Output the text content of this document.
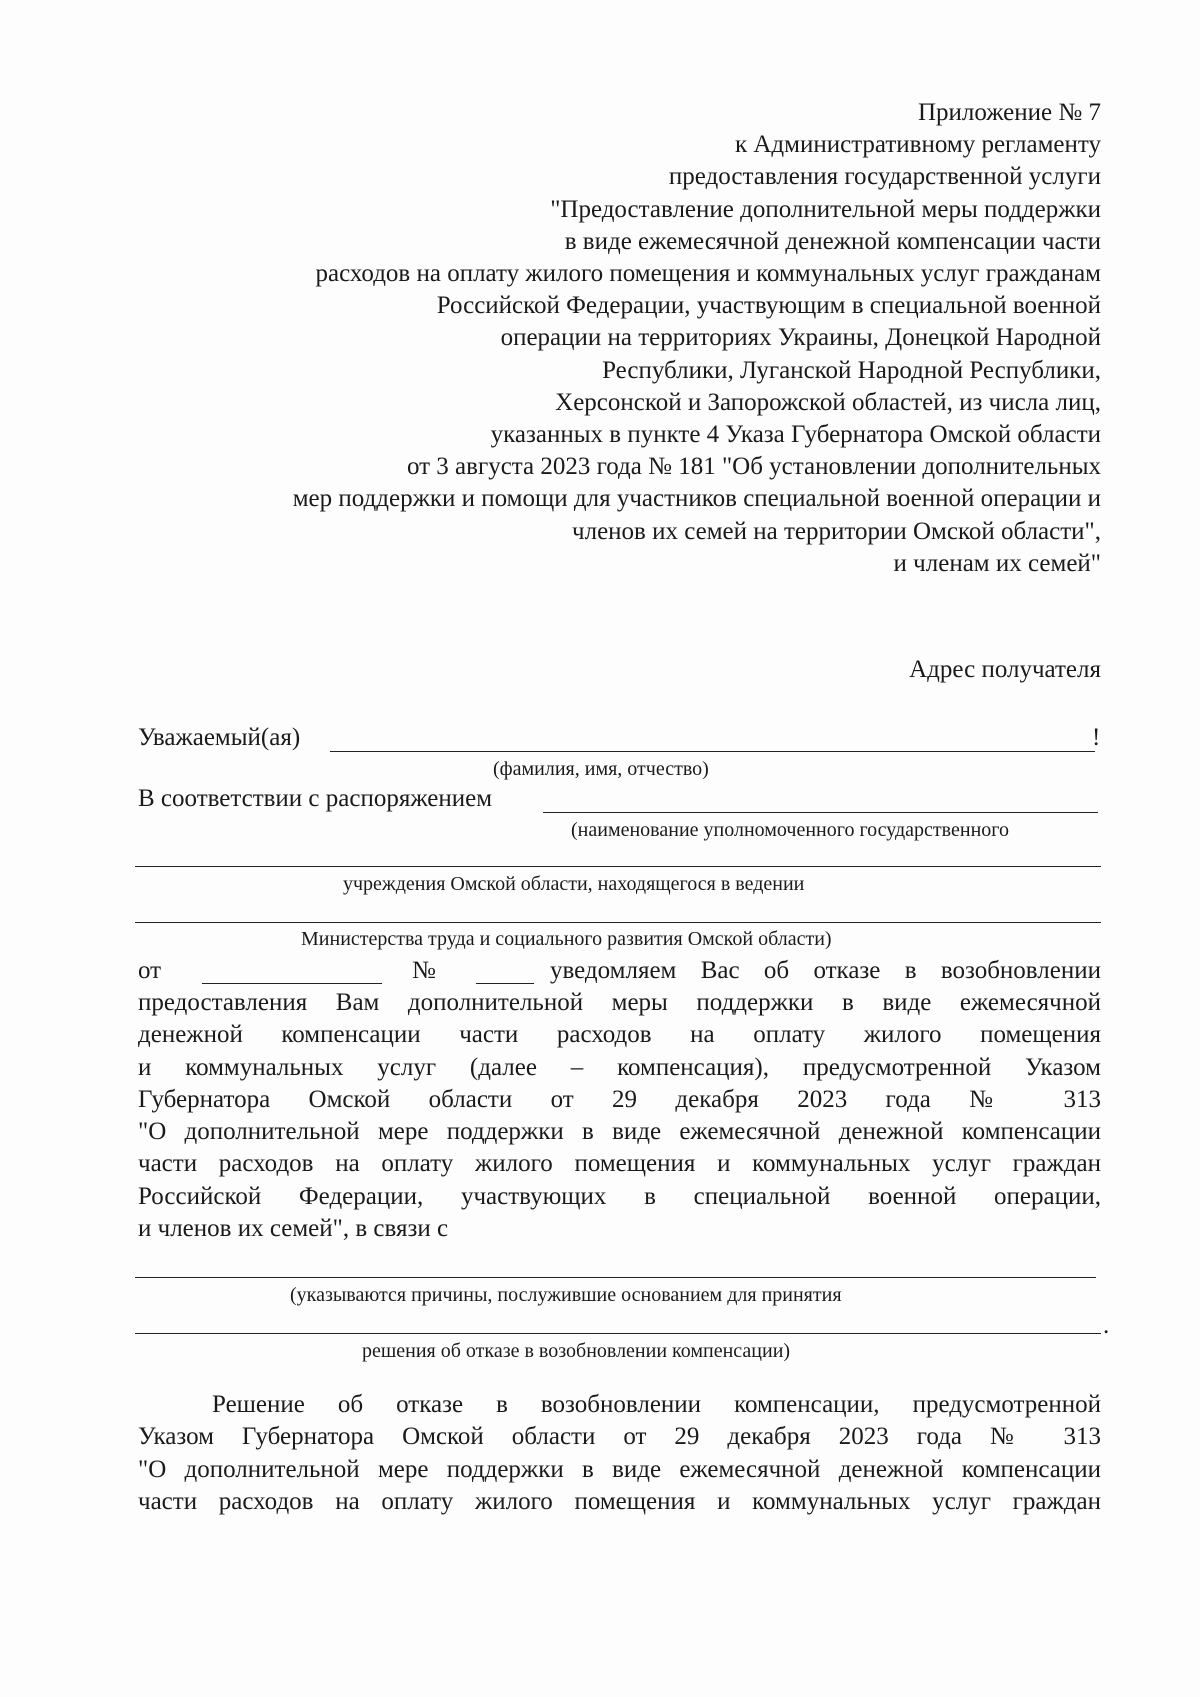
Приложение № 7
к Административному регламенту
предоставления государственной услуги
"Предоставление дополнительной меры поддержки
в виде ежемесячной денежной компенсации части
расходов на оплату жилого помещения и коммунальных услуг гражданам
Российской Федерации, участвующим в специальной военной
операции на территориях Украины, Донецкой Народной
Республики, Луганской Народной Республики,
Херсонской и Запорожской областей, из числа лиц,
указанных в пункте 4 Указа Губернатора Омской области
от 3 августа 2023 года № 181 "Об установлении дополнительных
мер поддержки и помощи для участников специальной военной операции и
членов их семей на территории Омской области",
и членам их семей"
Адрес получателя
Уважаемый(ая)	!
(фамилия, имя, отчество)
В соответствии с распоряжением
(наименование уполномоченного государственного
учреждения Омской области, находящегося в ведении
Министерства труда и социального развития Омской области)
от	№	уведомляем Вас об отказе в возобновлении
предоставления Вам дополнительной меры поддержки в виде ежемесячной
денежной компенсации части расходов на оплату жилого помещения
и коммунальных услуг (далее – компенсация), предусмотренной Указом
Губернатора Омской области от 29 декабря 2023 года № 313
"О дополнительной мере поддержки в виде ежемесячной денежной компенсации
части расходов на оплату жилого помещения и коммунальных услуг граждан
Российской Федерации, участвующих в специальной военной операции,
и членов их семей", в связи с
(указываются причины, послужившие основанием для принятия
.
решения об отказе в возобновлении компенсации)
Решение об отказе в возобновлении компенсации, предусмотренной
Указом Губернатора Омской области от 29 декабря 2023 года № 313
"О дополнительной мере поддержки в виде ежемесячной денежной компенсации
части расходов на оплату жилого помещения и коммунальных услуг граждан
